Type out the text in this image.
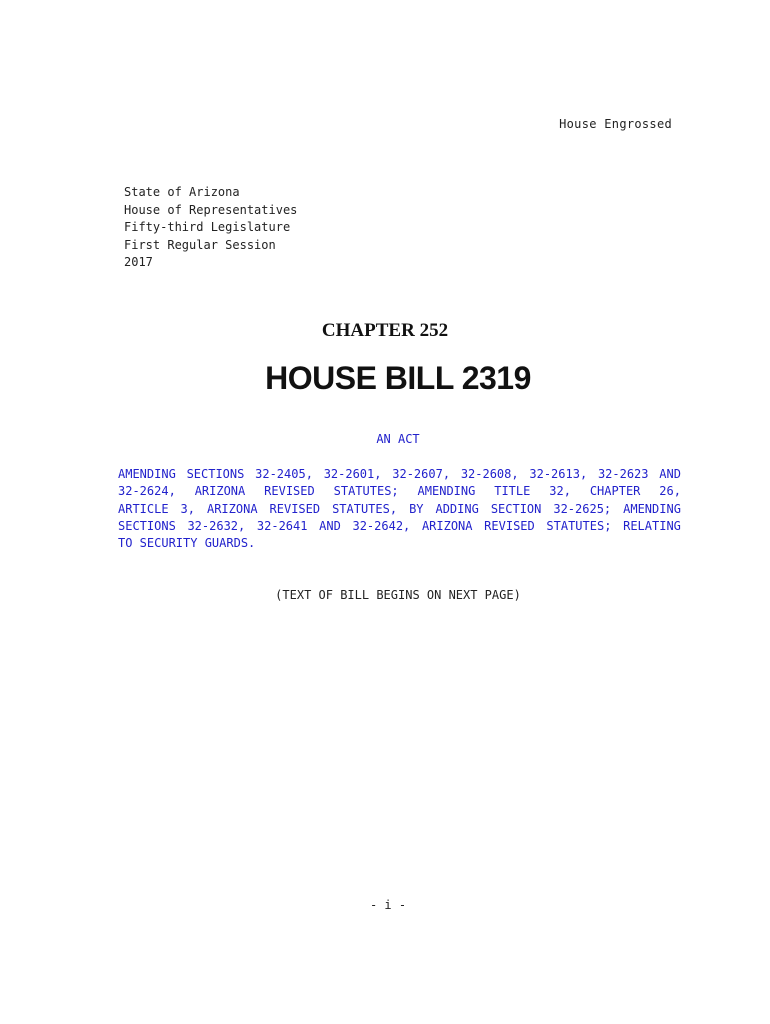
House Engrossed
State of Arizona
House of Representatives
Fifty-third Legislature
First Regular Session
2017
CHAPTER 252
HOUSE BILL 2319
AN ACT
AMENDING SECTIONS 32-2405, 32-2601, 32-2607, 32-2608, 32-2613, 32-2623 AND
32-2624, ARIZONA REVISED STATUTES; AMENDING TITLE 32, CHAPTER 26,
ARTICLE 3, ARIZONA REVISED STATUTES, BY ADDING SECTION 32-2625; AMENDING
SECTIONS 32-2632, 32-2641 AND 32-2642, ARIZONA REVISED STATUTES; RELATING
TO SECURITY GUARDS.
(TEXT OF BILL BEGINS ON NEXT PAGE)
- i -
